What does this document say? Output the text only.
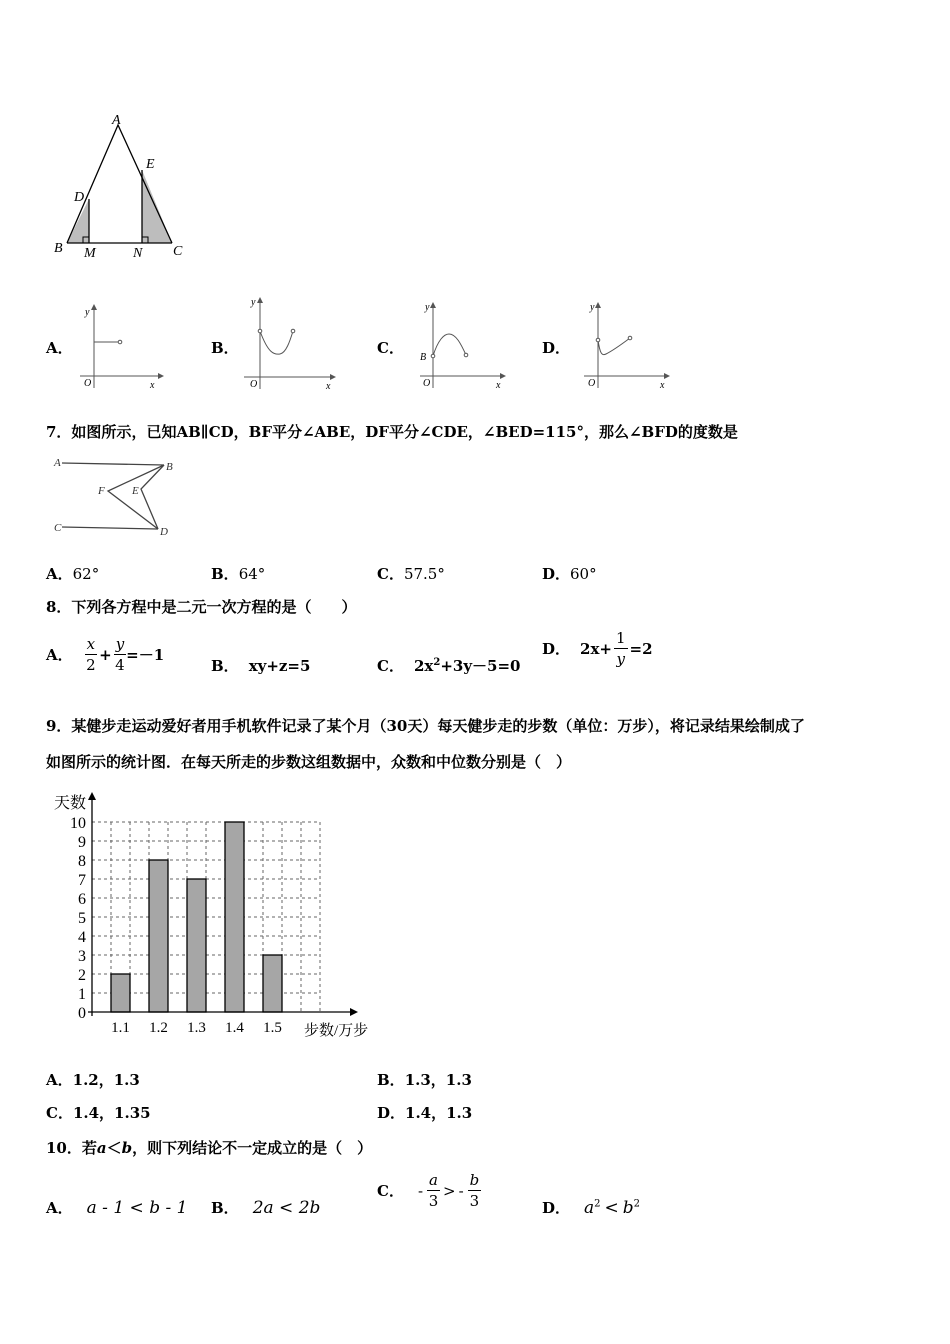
A
E
D
B M	N C
A．
y
x
O
B．
y
x
O
C．
y
x
O
B
D．
y
x
O
7．如图所示，已知AB∥CD，BF平分∠ABE，DF平分∠CDE，∠BED=115°，那么∠BFD的度数是
A	B
F E
C	D
A．62°	B．64°	C．57.5°	D．60°
8．下列各方程中是二元一次方程的是（　　）
A． $\frac{x}{2} + \frac{y}{4} =-1$
B． xy+z=5	C． $2x^2+3y-5=0$
D． $2x+ \frac{1}{y} =2$
9．某健步走运动爱好者用手机软件记录了某个月（30天）每天健步走的步数（单位：万步），将记录结果绘制成了
如图所示的统计图．在每天所走的步数这组数据中，众数和中位数分别是（　）
0
1
2
3
4
5
6
7
8
9
10
1.1 1.2 1.3 1.4 1.5
天数
步数/万步
A．1.2，1.3	B．1.3，1.3
C．1.4，1.35	D．1.4，1.3
10．若a＜b，则下列结论不一定成立的是（　）
A． a - 1 < b - 1 B． 2a < 2b
C． - $\frac{a}{3}$ > - $\frac{b}{3}$	D． $a^2 < b^2$
